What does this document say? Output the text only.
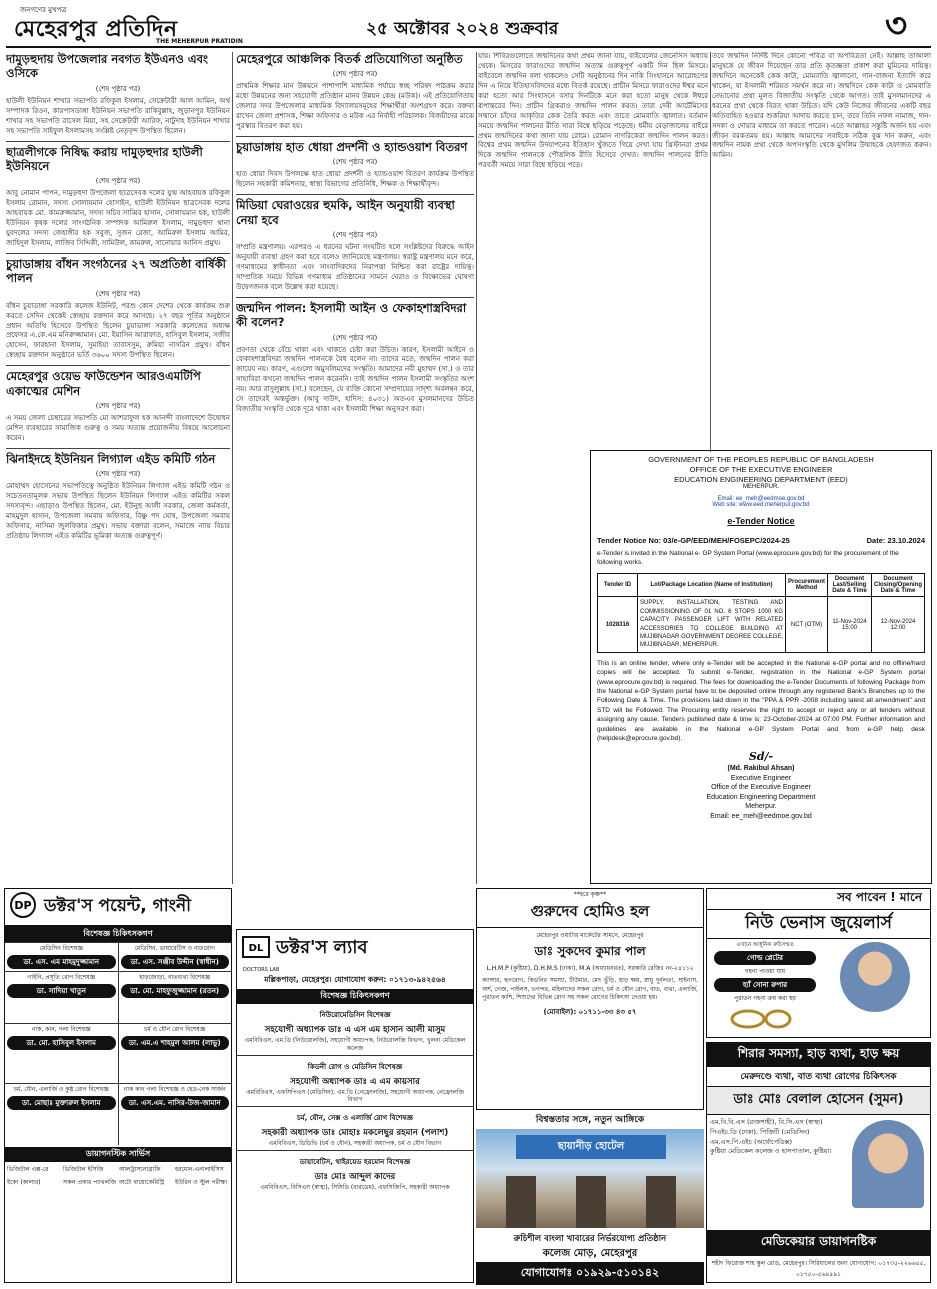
জনগণের মুখপত্র
মেহেরপুর প্রতিদিন
THE MEHERPUR PRATIDIN
২৫ অক্টোবর ২০২৪ শুক্রবার	৩
দামুড়হুদায় উপজেলার নবগত ইউএনও এবং ওসিকে
(শেষ পৃষ্ঠার পর)
হাউলী ইউনিয়ন শাখার সভাপতি রফিকুল ইসলাম, সেক্রেটারী আল আমিন, অর্থ সম্পাদক রিওন, কারপাসডাঙ্গা ইউনিয়ন সভাপতি রাকিবুল্লাহ, জুড়ানপুর ইউনিয়ন শাখার সহ সভাপতি রাসেল মিয়া, সহ সেক্রেটারী আরিফ, নাটুদাহ ইউনিয়ন শাখার সহ সভাপতি সাইফুল ইসলামসহ সংশ্লিষ্ট নেতৃবৃন্দ উপস্থিত ছিলেন।
ছাত্রলীগকে নিষিদ্ধ করায় দামুড়হুদার হাউলী ইউনিয়নে
(শেষ পৃষ্ঠার পর)
আবু নোমান পাপন, দামুড়হুদা উপজেলা ছাত্রসেবক দলের যুগ্ম আহবায়ক রফিকুল ইসলাম রোমান, সদস্য সোলায়মান হোসাইন, হাউলী ইউনিয়ন ছাত্রসেবক দলের আহবায়ক মো. কামরুজ্জামান, সদস্য সচিব সাব্বির হাসান, সোলায়মান হক, হাউলী ইউনিয়ন কৃষক দলের সাংগঠনিক সম্পাদক আমিরুল ইসলাম, দামুড়হুদা থানা যুবদলের সদস্য জেহাঙ্গীর হক সবুজ, সুজন রেজা, আমিরুল ইসলাম আমির, জাহিদুল ইসলাম, লাজিব সিদ্দিকী, সামিউল, কামরুল, সানোয়ার আনিস প্রমুখ।
চুয়াডাঙ্গায় বাঁধন সংগঠনের ২৭ অপ্রতিষ্ঠা বার্ষিকী পালন
(শেষ পৃষ্ঠার পর)
বাঁধন চুয়াডাঙ্গা সরকারি কলেজ ইউনিট, পরশু কোন দেশের থেকে কার্যক্রম শুরু করতে সেদিন থেকেই স্বেচ্ছায় রক্তদান করে আসছে। ২৭ বছর পূর্তির অনুষ্ঠানে প্রধান অতিথি হিসেবে উপস্থিত ছিলেন চুয়াডাঙ্গা সরকারি কলেজের অধ্যক্ষ প্রফেসর এ.কে.এম মনিরুজ্জামান। মো. ইয়াসিন আরাফাত, হাসিবুল ইসলাম, সজীব হোসেন, ফারহানা ইসলাম, সুমাইয়া তাবাসসুম, রুমিয়া নাসরিন প্রমুখ। বাঁধন স্বেচ্ছায় রক্তদান অনুষ্ঠানে ভর্তি ৩৬০০ সদস্য উপস্থিত ছিলেন।
মেহেরপুর ওয়েভ ফাউন্ডেশন আরওএমটিপি একাত্মের মেশিন
(শেষ পৃষ্ঠার পর)
এ সময় জেলা চেম্বারের সভাপতি মো আশরাফুল হক আনন্দী বাংলাদেশে উদ্বোধন মেশিন ব্যবহারের সামাজিক গুরুত্ব ও সময় অত্যন্ত প্রয়োজনীয় বিষয়ে আলোচনা করেন।
ঝিনাইদহে ইউনিয়ন লিগ্যাল এইড কমিটি গঠন
(শেষ পৃষ্ঠার পর)
মোহাম্মদ হোসেনের সভাপতিত্বে অনুষ্ঠিত ইউনিয়ন লিগ্যাল এইড কমিটি গঠন ও সচেতনতামূলক সভায় উপস্থিত ছিলেন ইউনিয়ন লিগ্যাল এইড কমিটির সকল সদস্যবৃন্দ। এছাড়াও উপস্থিত ছিলেন, মো. ইউনুছ আলী সরকার, জেলা কর্মকর্তা, মাহমুদুল হাসান, উপজেলা সমবায় অফিসার, বিষ্ণু পদ ঘোষ, উপজেলা সমবায় অফিসার, নাসিমা জুলফিকার প্রমুখ। সভায় বক্তারা বলেন, সমাজে ন্যায় বিচার প্রতিষ্ঠায় লিগ্যাল এইড কমিটির ভূমিকা অত্যন্ত গুরুত্বপূর্ণ।
মেহেরপুরে আঞ্চলিক বিতর্ক প্রতিযোগিতা অনুষ্ঠিত
(শেষ পৃষ্ঠার পর)
প্রাথমিক শিক্ষার মান উন্নয়নে পাশাপাশি মাধ্যমিক পর্যায়ে স্বচ্ছ পরিষদ পাঠক্রম করার মধ্যে উন্নয়নের জন্য সহযোগী প্রতিষ্ঠান মানব উন্নয়ন কেন্দ্র (মউক)। এই প্রতিযোগিতায় জেলার সদর উপজেলার মাধ্যমিক বিদ্যালয়সমূহের শিক্ষার্থীরা অংশগ্রহণ করে। বক্তব্য রাখেন জেলা প্রশাসক, শিক্ষা অফিসার ও মউক এর নির্বাহী পরিচালক। বিজয়ীদের মাঝে পুরস্কার বিতরণ করা হয়।
চুয়াডাঙ্গায় হাত ধোয়া প্রদর্শনী ও হ্যান্ডওয়াশ বিতরণ
(শেষ পৃষ্ঠার পর)
হাত ধোয়া দিবস উপলক্ষে হাত ধোয়া প্রদর্শনী ও হ্যান্ডওয়াশ বিতরণ কার্যক্রম উপস্থিত ছিলেন সহকারী কমিশনার, স্বাস্থ্য বিভাগের প্রতিনিধি, শিক্ষক ও শিক্ষার্থীবৃন্দ।
মিডিয়া ঘেরাওয়ের হুমকি, আইন অনুযায়ী ব্যবস্থা নেয়া হবে
(শেষ পৃষ্ঠার পর)
সম্প্রতি মন্ত্রণালয়। এরপরও এ ধরনের ঘটনা সংঘটিত হলে সংশ্লিষ্টদের বিরুদ্ধে আইন অনুযায়ী ব্যবস্থা গ্রহণ করা হবে বলেও জানিয়েছে মন্ত্রণালয়। স্বরাষ্ট্র মন্ত্রণালয় মনে করে, গণমাধ্যমের স্বাধীনতা এবং সাংবাদিকদের নিরাপত্তা নিশ্চিত করা রাষ্ট্রের দায়িত্ব। সাম্প্রতিক সময়ে বিভিন্ন গণমাধ্যম প্রতিষ্ঠানের সামনে ঘেরাও ও বিক্ষোভের ঘোষণা উদ্বেগজনক বলে উল্লেখ করা হয়েছে।
জন্মদিন পালন: ইসলামী আইন ও ফেকাহশাস্ত্রবিদরা কী বলেন?
(শেষ পৃষ্ঠার পর)
প্রবণতা থেকে বেঁচে থাকা এবং থাকতে চেষ্টা করা উচিত। কারণ, ইসলামী আইনে ও ফেকাহশাস্ত্রবিদরা জন্মদিন পালনকে বৈধ বলেন না। তাদের মতে, জন্মদিন পালন করা জায়েয নয়। কারণ, এগুলো অমুসলিমদের সংস্কৃতি। আমাদের নবী মুহাম্মদ (সা.) ও তার সাহাবিরা কখনো জন্মদিন পালন করেননি। তাই জন্মদিন পালন ইসলামী সংস্কৃতির অংশ নয়। আর রাসুলুল্লাহ (সা.) বলেছেন, যে ব্যক্তি কোনো সম্প্রদায়ের সাদৃশ্য অবলম্বন করে, সে তাদেরই অন্তর্ভুক্ত। (আবু দাউদ, হাদিস: ৪০৩১) অতএব মুসলমানদের উচিত বিজাতীয় সংস্কৃতি থেকে দূরে থাকা এবং ইসলামী শিক্ষা অনুসরণ করা।
যায়। শিবিরগুলোতে জন্মদিনের কথা প্রথম জানা যায়, বাইবেলের জেনেসিস অধ্যায় থেকে। মিসরের ফারাওদের জন্মদিন অত্যন্ত গুরুত্বপূর্ণ একটি দিন ছিল মিসরে। বাইবেলে জন্মদিন বলা থাকলেও সেটি অনুষ্ঠানের দিন নাকি সিংহাসনে আরোহণের দিন এ নিয়ে ইতিহাসবিদদের মধ্যে বিতর্ক রয়েছে। প্রাচীন মিসরে ফারাওদের ঈশ্বর মনে করা হতো আর সিংহাসনে বসার দিনটিকে মনে করা হতো মানুষ থেকে ঈশ্বরে রূপান্তরের দিন। প্রাচীন গ্রিকরাও জন্মদিন পালন করত। তারা দেবী আর্টেমিসের সম্মানে চাঁদের আকৃতির কেক তৈরি করত এবং তাতে মোমবাতি জ্বালাত। বর্তমান সময়ে জন্মদিন পালনের রীতি সারা বিশ্বে ছড়িয়ে পড়েছে। ধর্মীয় বেড়াজালের বাইরে প্রথম জন্মদিনের কথা জানা যায় রোমে। রোমান নাগরিকেরা জন্মদিন পালন করত। বিশ্বের প্রথম জন্মদিন উদযাপনের ইতিহাস খুঁজতে গিয়ে দেখা যায় খ্রিস্টানরা প্রথম দিকে জন্মদিন পালনকে পৌত্তলিক রীতি হিসেবে দেখত। জন্মদিন পালনের রীতি পরবর্তী সময়ে সারা বিশ্বে ছড়িয়ে পড়ে।
তবে জন্মদিন নির্দিষ্ট দিনে কোনো পবিত্র বা অপবিত্রতা নেই। আল্লাহ তাআলা মানুষকে যে জীবন দিয়েছেন তার প্রতি কৃতজ্ঞতা প্রকাশ করা মুমিনের দায়িত্ব। জন্মদিনে অনেকেই কেক কাটা, মোমবাতি জ্বালানো, গান-বাজনা ইত্যাদি করে থাকেন, যা ইসলামী শরিয়ত সমর্থন করে না। জন্মদিনে কেক কাটা ও মোমবাতি নেভানোর প্রথা মূলত বিজাতীয় সংস্কৃতি থেকে আগত। তাই মুসলমানদের এ ধরনের প্রথা থেকে বিরত থাকা উচিত। যদি কেউ নিজের জীবনের একটি বছর অতিবাহিত হওয়ার শুকরিয়া আদায় করতে চান, তবে তিনি নফল নামাজ, দান-সদকা ও দোয়ার মাধ্যমে তা করতে পারেন। এতে আল্লাহর সন্তুষ্টি অর্জন হয় এবং জীবন বরকতময় হয়। আল্লাহ আমাদের সবাইকে সঠিক বুঝ দান করুন, এবং জন্মদিন নামক প্রথা থেকে অপসংস্কৃতি থেকে মুসলিম উম্মাহকে হেফাজত করুন। আমিন।
GOVERNMENT OF THE PEOPLES REPUBLIC OF BANGLADESH
OFFICE OF THE EXECUTIVE ENGINEER
EDUCATION ENGINEERING DEPARTMENT (EED)
MEHERPUR.
Email: ee_meh@eedmoe.gov.bd
Web site: www.eed.meherpur.gov.bd
e-Tender Notice
Tender Notice No: 03/e-GP/EED/MEH/FOSEPC/2024-25	Date: 23.10.2024
e-Tender is invited in the National e- GP System Portal (www.eprocure.gov.bd) for the procurement of the following works.
Tender ID	Lot/Package Location (Name of Institution)	Procurement Method	Document Last/Selling Date & Time	Document Closing/Opening Date & Time
1028316	SUPPLY, INSTALLATION, TESTING AND COMMISSIONING OF 01 NO. 6 STOPS 1000 KG CAPACITY PASSENGER LIFT WITH RELATED ACCESSORIES TO COLLEGE BUILDING AT MUJIBNAGAR GOVERNMENT DEGREE COLLEGE, MUJIBNAGAR, MEHERPUR.	NCT (OTM)	11-Nov-2024 15:00	12-Nov-2024 12:00
This is an online tender, where only e-Tender will be accepted in the National e-GP portal and no offline/hard copies will be accepted. To submit e-Tender, registration in the National e-GP System portal (www.eprocure.gov.bd) is required. The fees for downloading the e-Tender Documents of following Package from the National e-GP System portal have to be deposited online through any registered Bank's Branches up to the Following Date & Time. The provisions laid down in the "PPA & PPR -2008 including latest all amendment" and STD will be Followed. The Procuring entity reserves the right to accept or reject any or all tenders without assigning any cause. Tenders published date & time is: 23-October-2024 at 07:00 PM. Further information and guidelines are available in the National e-GP System Portal and from e-GP help desk (helpdesk@eprocure.gov.bd).
Sd/-
(Md. Rakibul Ahsan)
Executive Engineer
Office of the Executive Engineer
Education Engineering Department
Meherpur.
Email: ee_meh@eedmoe.gov.bd
DP ডক্টর'স পয়েন্ট, গাংনী
বিশেষজ্ঞ চিকিৎসকগণ
মেডিসিন বিশেষজ্ঞ
ডা. এস. এম মাহমুদুজ্জামান
মেডিসিন, ডায়াবেটিস ও বাতরোগ
ডা. এস. সঞ্জীব উদ্দীন (স্বাধীন)
গাইনি, প্রসূতি রোগ বিশেষজ্ঞ
ডা. সাদিয়া খাতুন
হাড়জোড়া, বাতব্যথা বিশেষজ্ঞ
ডা. মো. মাহফুজুজ্জামান (রতন)
নাক, কান, গলা বিশেষজ্ঞ
ডা. মো. হাসিবুল ইসলাম
চর্ম ও যৌন রোগ বিশেষজ্ঞ
ডা. এম.এ শাহমুল আলম (লাভু)
চর্ম, যৌন, এলার্জি ও কুষ্ঠ রোগ বিশেষজ্ঞ
ডা. মোছাঃ মুক্তারুল ইসলাম
নাক কান গলা বিশেষজ্ঞ ও হেড-নেক সার্জন
ডা. এস.এম. নাসির-উজ-জামান
ডায়াগনস্টিক সার্ভিস
ডিজিটাল এক্স-রে	ডিজিটাল ইসিজি	আলট্রাসনোগ্রাফি	হরমোন-এনালাইসিস
ইকো (কালার)	সকল প্রকার প্যাথলজি অটো বায়োকেমিস্ট্রি	ইউরিন ও স্টুল পরীক্ষা
DL ডক্টর'স ল্যাব
DOCTORS LAB
মল্লিকপাড়া, মেহেরপুর। যোগাযোগ করুন: ০১৭১৩-৯৪২৫৬৪
বিশেষজ্ঞ চিকিৎসকগণ
নিউরোমেডিসিন বিশেষজ্ঞ
সহযোগী অধ্যাপক ডাঃ এ এস এম হাসান আলী মাসুম
এমবিবিএস, এম.ডি (নিউরোলজি), সহযোগী অধ্যাপক, নিউরোলজি বিভাগ, খুলনা মেডিকেল কলেজ
কিডনী রোগ ও মেডিসিন বিশেষজ্ঞ
সহযোগী অধ্যাপক ডাঃ এ এম কায়সার
এমবিবিএস, এফসিপিএস (মেডিসিন), এম.ডি (নেফ্রোলজি), সহযোগী অধ্যাপক, নেফ্রোলজি বিভাগ
চর্ম, যৌন, সেক্স ও এলার্জি রোগ বিশেষজ্ঞ
সহকারী অধ্যাপক ডাঃ মোহাঃ মকলেছুর রহমান (পলাশ)
এমবিবিএস, ডিডিভি (চর্ম ও যৌন), সহকারী অধ্যাপক, চর্ম ও যৌন বিভাগ
ডায়াবেটিস, থাইরয়েড হরমোন বিশেষজ্ঞ
ডাঃ মোঃ আব্দুল কাদের
এমবিবিএস, বিসিএস (স্বাস্থ্য), সিসিডি (বারডেম), এফসিজিপি, সহকারী অধ্যাপক
**হরে কৃষ্ণ**
গুরুদেব হোমিও হল
মেহেরপুর ওয়াটার মার্কেটের সামনে, মেহেরপুর
ডাঃ সুকদেব কুমার পাল
L.H.M.P (কুষ্টিয়া), D.H.M.S (ঢাকা), M.A (অধ্যায়নরত), সরকারি রেজিঃ নং-২৪১১২
ক্যান্সার, হৃদরোগ, কিডনির সমস্যা, টিউমার, মেদ ভুঁড়ি, হাড় ক্ষয়, স্নায়ু দুর্বলতা, সাইনাস, অর্শ, গেজ, পাইলস, ভগন্দর, মহিলাদের সকল রোগ, চর্ম ও যৌন রোগ, বাত, ব্যথা, এলার্জি, পুরাতন কাশি, শিশুদের বিভিন্ন রোগ সহ সকল রোগের চিকিৎসা দেওয়া হয়।
(মোবাইল): ০১৭১১-৩৩ ৪৩ ৫৭
বিশ্বস্ততার সঙ্গে, নতুন আঙ্গিকে
ছায়ানীড় হোটেল
রুচিশীল বাংলা খাবারের নির্ভরযোগ্য প্রতিষ্ঠান
কলেজ মোড়, মেহেরপুর
যোগাযোগঃ ০১৯২৯-৫১০১৪২
সব পাবেন ! মানে
নিউ ভেনাস জুয়েলার্স
এখানে আধুনিক রুচিসম্মত
গোল্ড প্লেটের
গহনা পাওয়া যায়
হ্যাঁ সোনা রুপার
পুরাতন গহনা ক্রয় করা হয়
শিরার সমস্যা, হাড় ব্যথা, হাড় ক্ষয়
মেরুদণ্ডে ব্যথা, বাত ব্যথা রোগের চিকিৎসক
ডাঃ মোঃ বেলাল হোসেন (সুমন)
এম.বি.বি.এস (রাজশাহী), বি.সি.এস (স্বাস্থ্য)
পিএইচ.ডি (ঢাকা), পিজিটি (মেডিসিন)
এম.এস.পি.এইচ (অর্থোপেডিক্স)
কুষ্টিয়া মেডিকেল কলেজ ও হাসপাতাল, কুষ্টিয়া।
মেডিকেয়ার ডায়াগনষ্টিক
শহীদ ফিরোজ শাহ স্কুল রোড, মেহেরপুর। সিরিয়ালের জন্য যোগাযোগ: ০১৭৩৫-২২৬৬৪৫, ০১৭৫০-৫৬৪৫৯১
